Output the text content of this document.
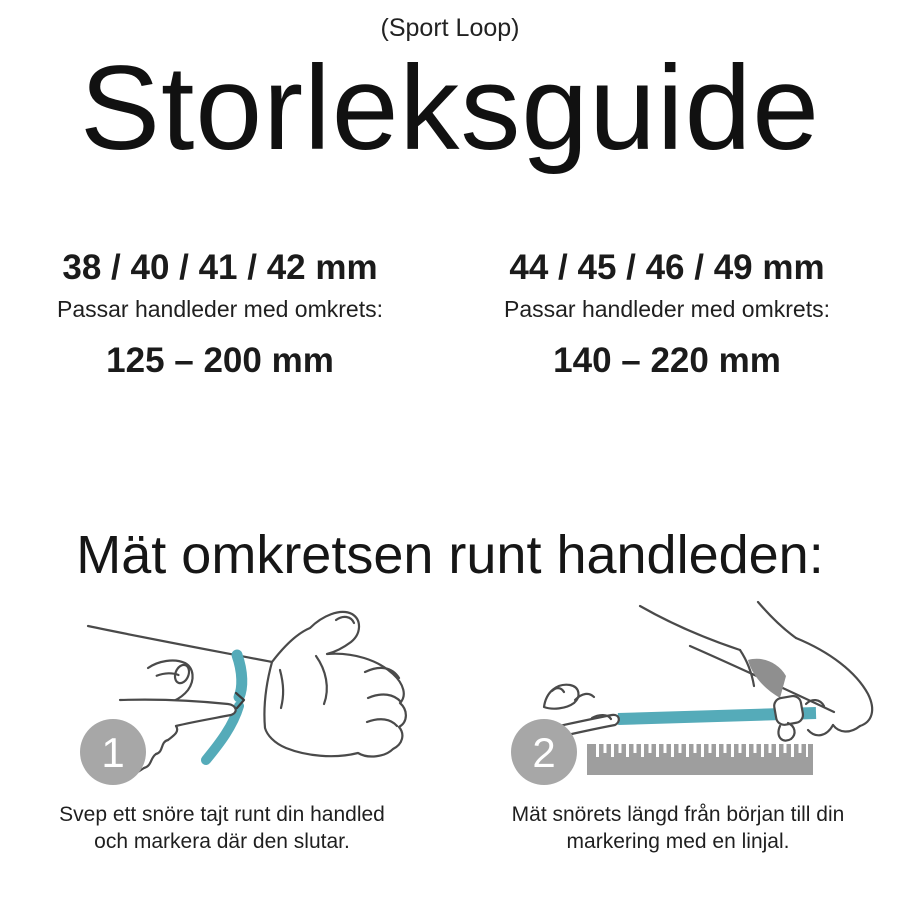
(Sport Loop)
Storleksguide
38 / 40 / 41 / 42 mm
Passar handleder med omkrets:
125 – 200 mm
44 / 45 / 46 / 49 mm
Passar handleder med omkrets:
140 – 220 mm
Mät omkretsen runt handleden:
1	2
Svep ett snöre tajt runt din handled
och markera där den slutar.
Mät snörets längd från början till din
markering med en linjal.
